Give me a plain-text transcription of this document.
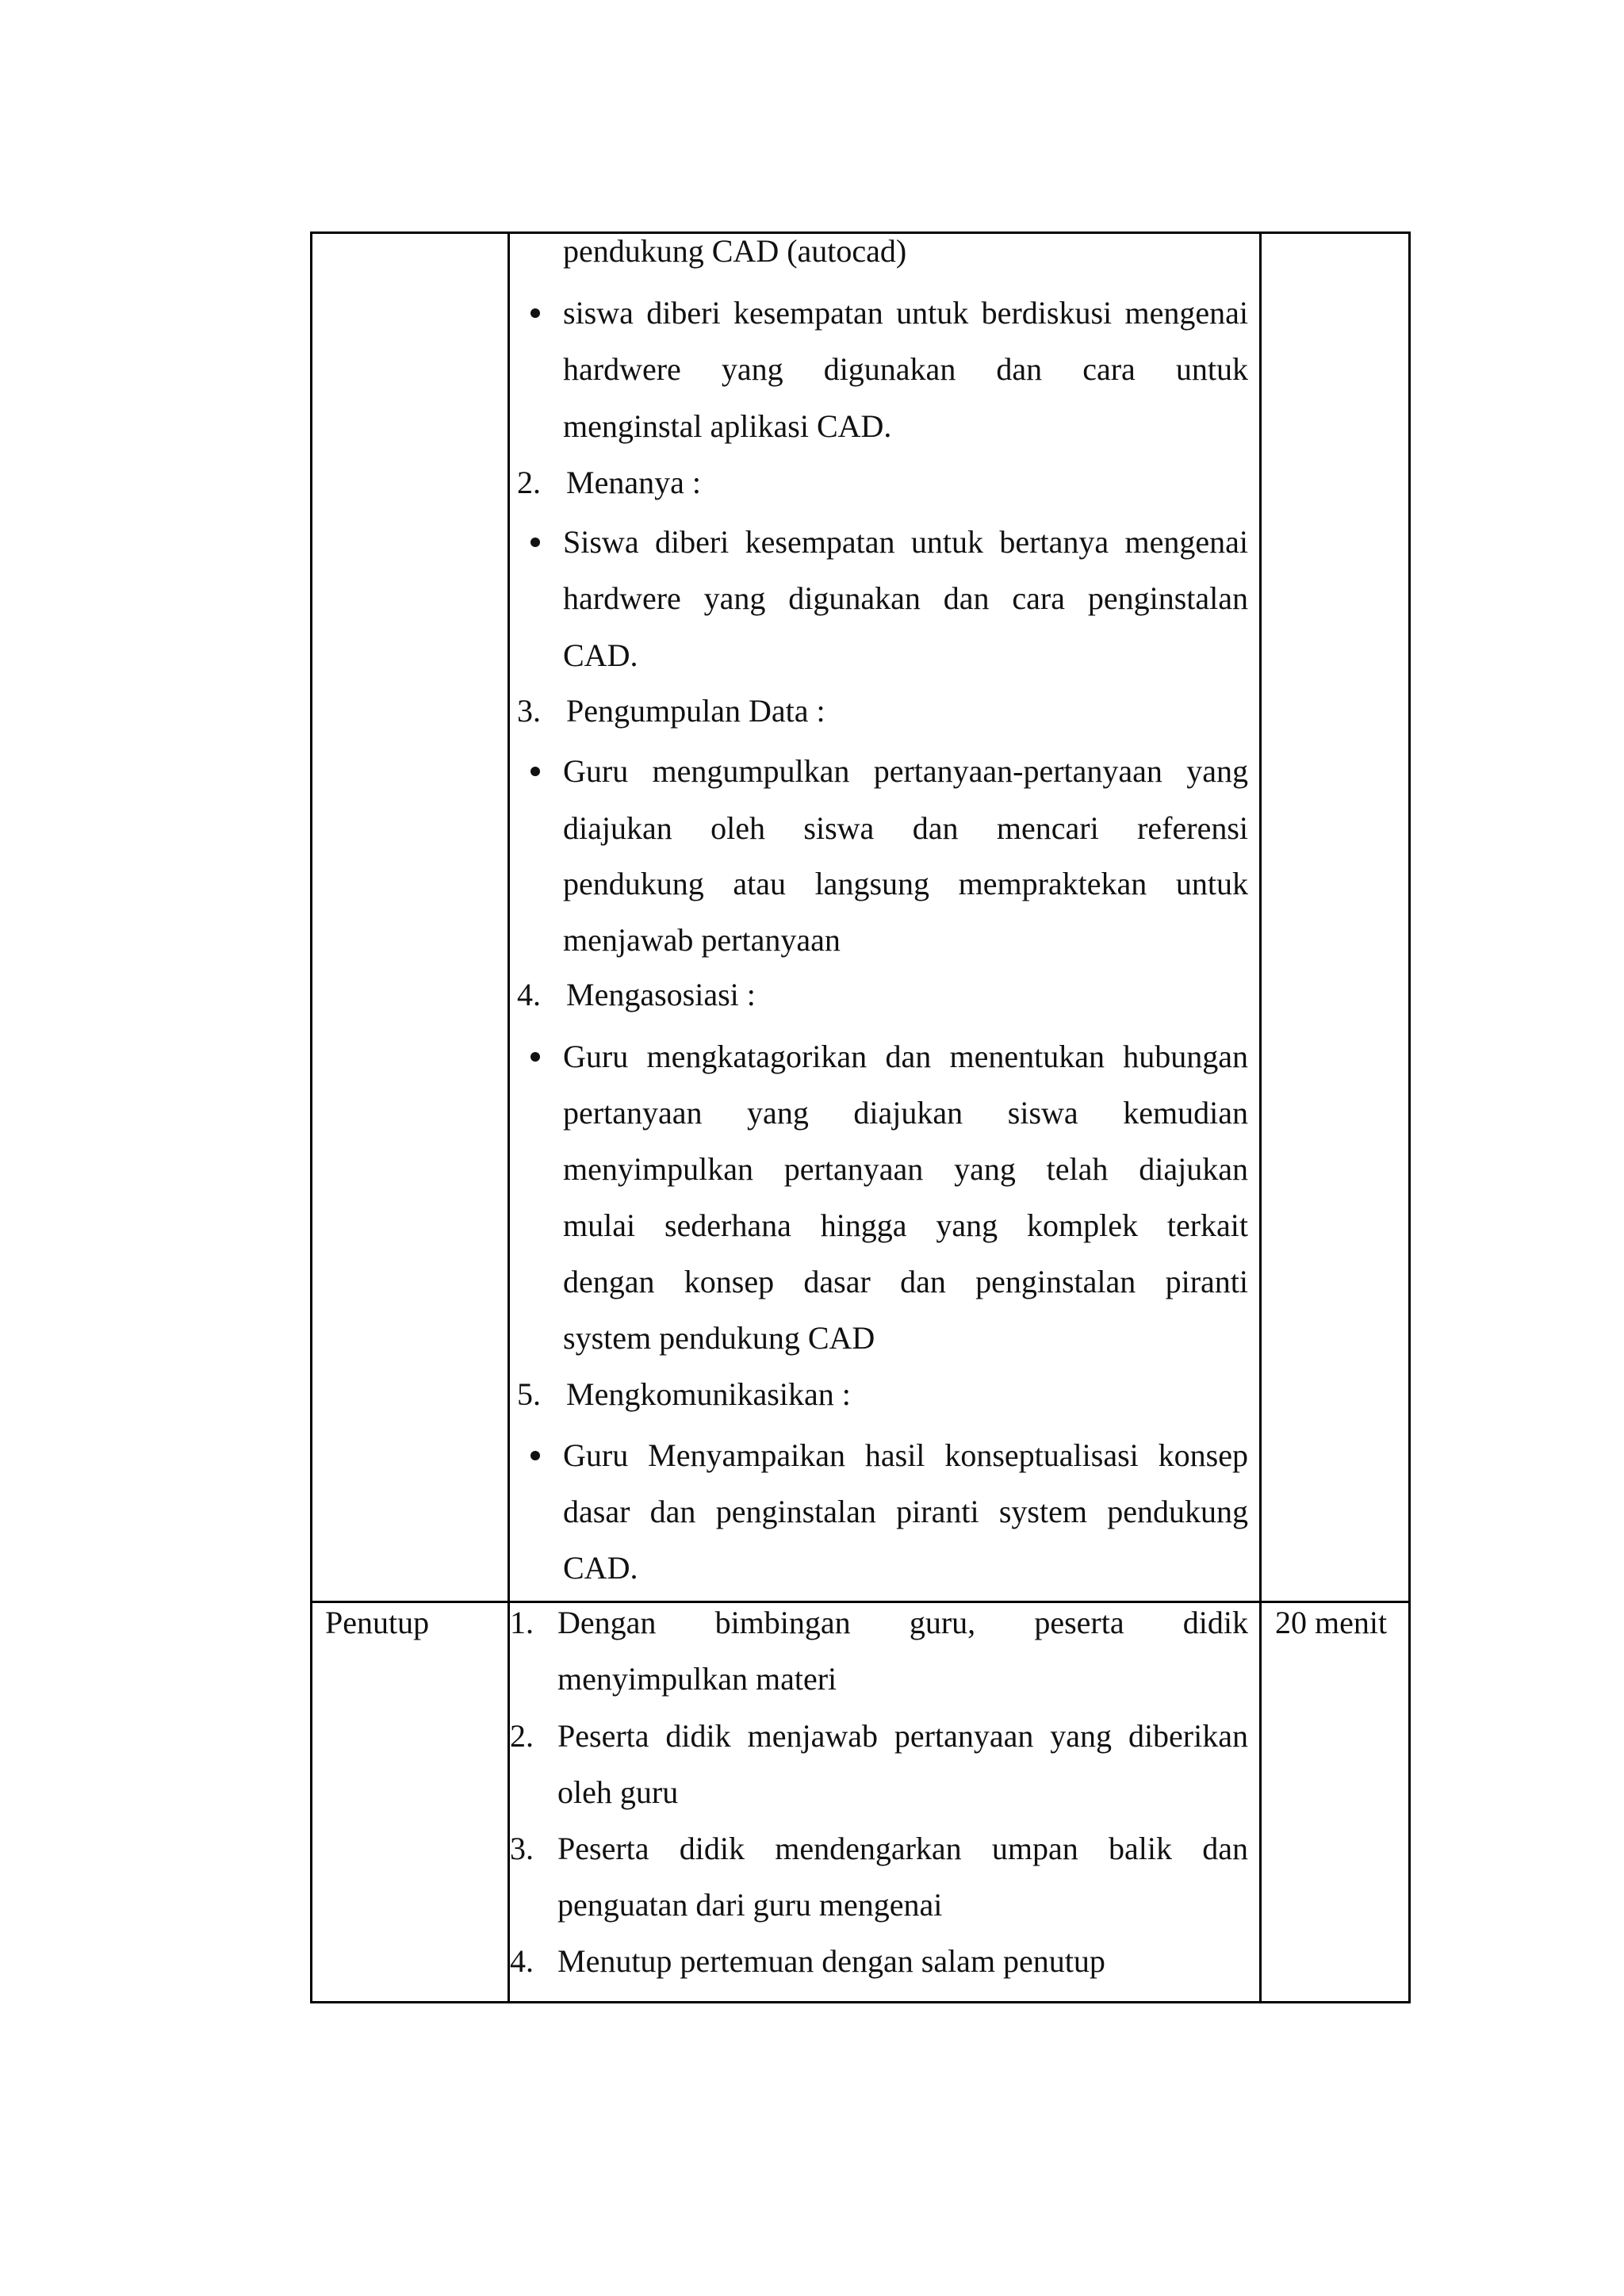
pendukung CAD (autocad)
siswa diberi kesempatan untuk berdiskusi mengenai
hardwere yang digunakan dan cara untuk
menginstal aplikasi CAD.
2. Menanya :
Siswa diberi kesempatan untuk bertanya mengenai
hardwere yang digunakan dan cara penginstalan
CAD.
3. Pengumpulan Data :
Guru mengumpulkan pertanyaan-pertanyaan yang
diajukan oleh siswa dan mencari referensi
pendukung atau langsung mempraktekan untuk
menjawab pertanyaan
4. Mengasosiasi :
Guru mengkatagorikan dan menentukan hubungan
pertanyaan yang diajukan siswa kemudian
menyimpulkan pertanyaan yang telah diajukan
mulai sederhana hingga yang komplek terkait
dengan konsep dasar dan penginstalan piranti
system pendukung CAD
5. Mengkomunikasikan :
Guru Menyampaikan hasil konseptualisasi konsep
dasar dan penginstalan piranti system pendukung
CAD.
Penutup	20 menit
1. Dengan bimbingan guru, peserta didik
menyimpulkan materi
2. Peserta didik menjawab pertanyaan yang diberikan
oleh guru
3. Peserta didik mendengarkan umpan balik dan
penguatan dari guru mengenai
4. Menutup pertemuan dengan salam penutup
